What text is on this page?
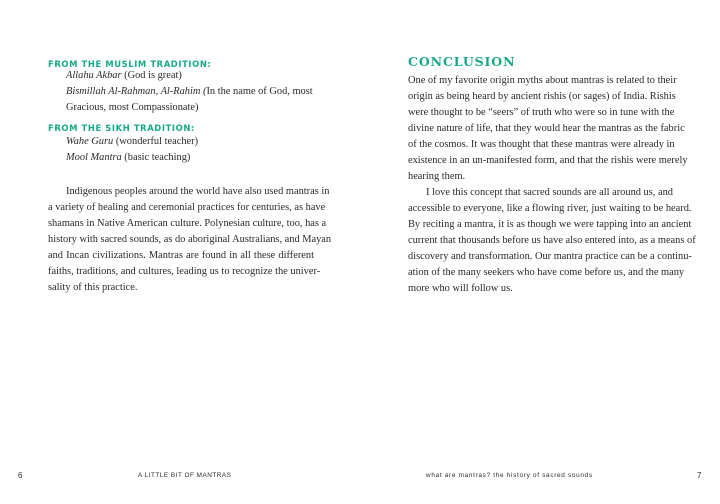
FROM THE MUSLIM TRADITION:
Allahu Akbar (God is great)
Bismillah Al-Rahman, Al-Rahim (In the name of God, most
Gracious, most Compassionate)
FROM THE SIKH TRADITION:
Wahe Guru (wonderful teacher)
Mool Mantra (basic teaching)
Indigenous peoples around the world have also used mantras in
a variety of healing and ceremonial practices for centuries, as have
shamans in Native American culture. Polynesian culture, too, has a
history with sacred sounds, as do aboriginal Australians, and Mayan
and Incan civilizations. Mantras are found in all these different
faiths, traditions, and cultures, leading us to recognize the univer-
sality of this practice.
6	A LITTLE BIT OF MANTRAS
CONCLUSION
One of my favorite origin myths about mantras is related to their
origin as being heard by ancient rishis (or sages) of India. Rishis
were thought to be “seers” of truth who were so in tune with the
divine nature of life, that they would hear the mantras as the fabric
of the cosmos. It was thought that these mantras were already in
existence in an un-manifested form, and that the rishis were merely
hearing them.
I love this concept that sacred sounds are all around us, and
accessible to everyone, like a flowing river, just waiting to be heard.
By reciting a mantra, it is as though we were tapping into an ancient
current that thousands before us have also entered into, as a means of
discovery and transformation. Our mantra practice can be a continu-
ation of the many seekers who have come before us, and the many
more who will follow us.
what are mantras? the history of sacred sounds	7
